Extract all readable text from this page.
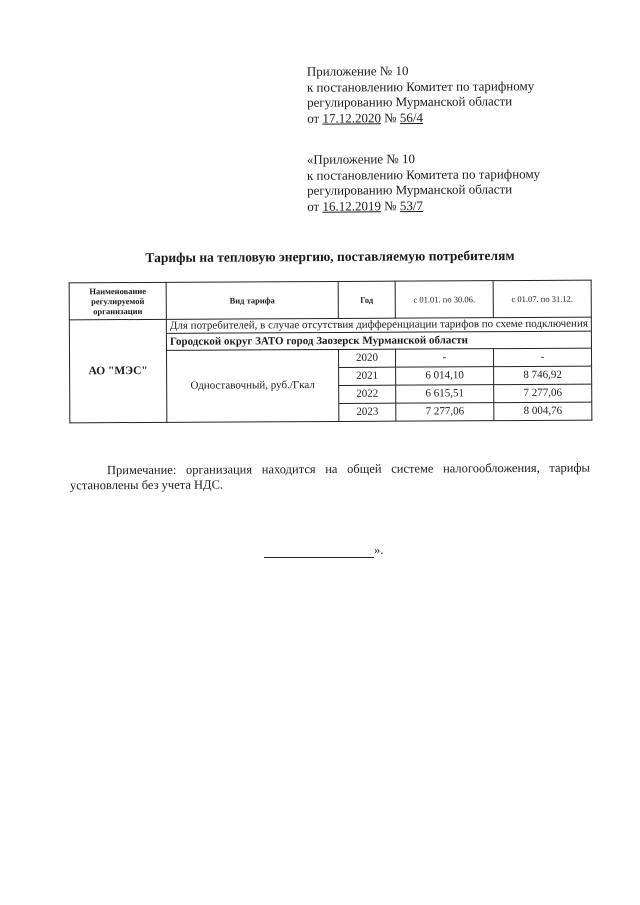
Приложение № 10
к постановлению Комитет по тарифному
регулированию Мурманской области
от 17.12.2020 № 56/4
«Приложение № 10
к постановлению Комитета по тарифному
регулированию Мурманской области
от 16.12.2019 № 53/7
Тарифы на тепловую энергию, поставляемую потребителям
Наименование регулируемой организации	Вид тарифа	Год	с 01.01. по 30.06.	с 01.07. по 31.12.
АО "МЭС"	Для потребителей, в случае отсутствия дифференциации тарифов по схеме подключения			
	Городской округ ЗАТО город Заозерск Мурманской области			
	Одноставочный, руб./Гкал	2020	-	-
		2021	6 014,10	8 746,92
		2022	6 615,51	7 277,06
		2023	7 277,06	8 004,76
Примечание: организация находится на общей системе налогообложения, тарифы установлены без учета НДС.
».
